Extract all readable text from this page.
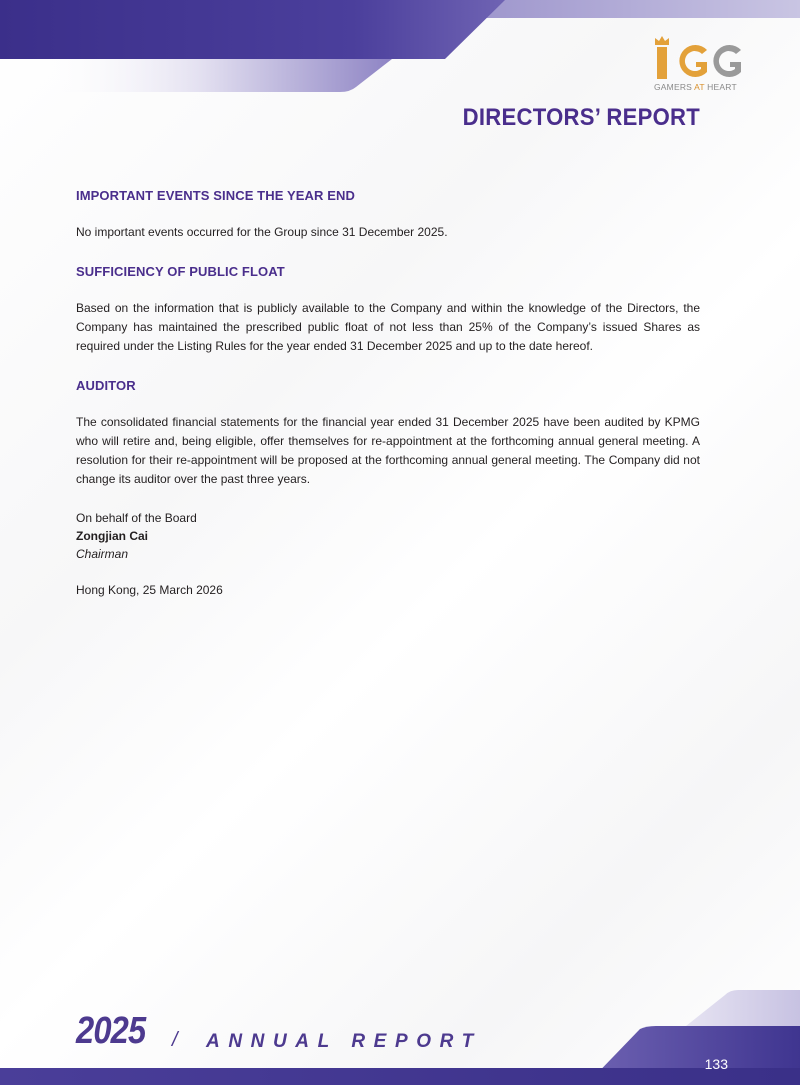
GAMERS AT HEART
DIRECTORS’ REPORT
IMPORTANT EVENTS SINCE THE YEAR END

No important events occurred for the Group since 31 December 2025.

SUFFICIENCY OF PUBLIC FLOAT

Based on the information that is publicly available to the Company and within the knowledge of the Directors, the Company has maintained the prescribed public float of not less than 25% of the Company’s issued Shares as required under the Listing Rules for the year ended 31 December 2025 and up to the date hereof.

AUDITOR

The consolidated financial statements for the financial year ended 31 December 2025 have been audited by KPMG who will retire and, being eligible, offer themselves for re-appointment at the forthcoming annual general meeting. A resolution for their re-appointment will be proposed at the forthcoming annual general meeting. The Company did not change its auditor over the past three years.

On behalf of the Board

Zongjian Cai

Chairman

Hong Kong, 25 March 2026

2025 / ANNUAL REPORT
133
